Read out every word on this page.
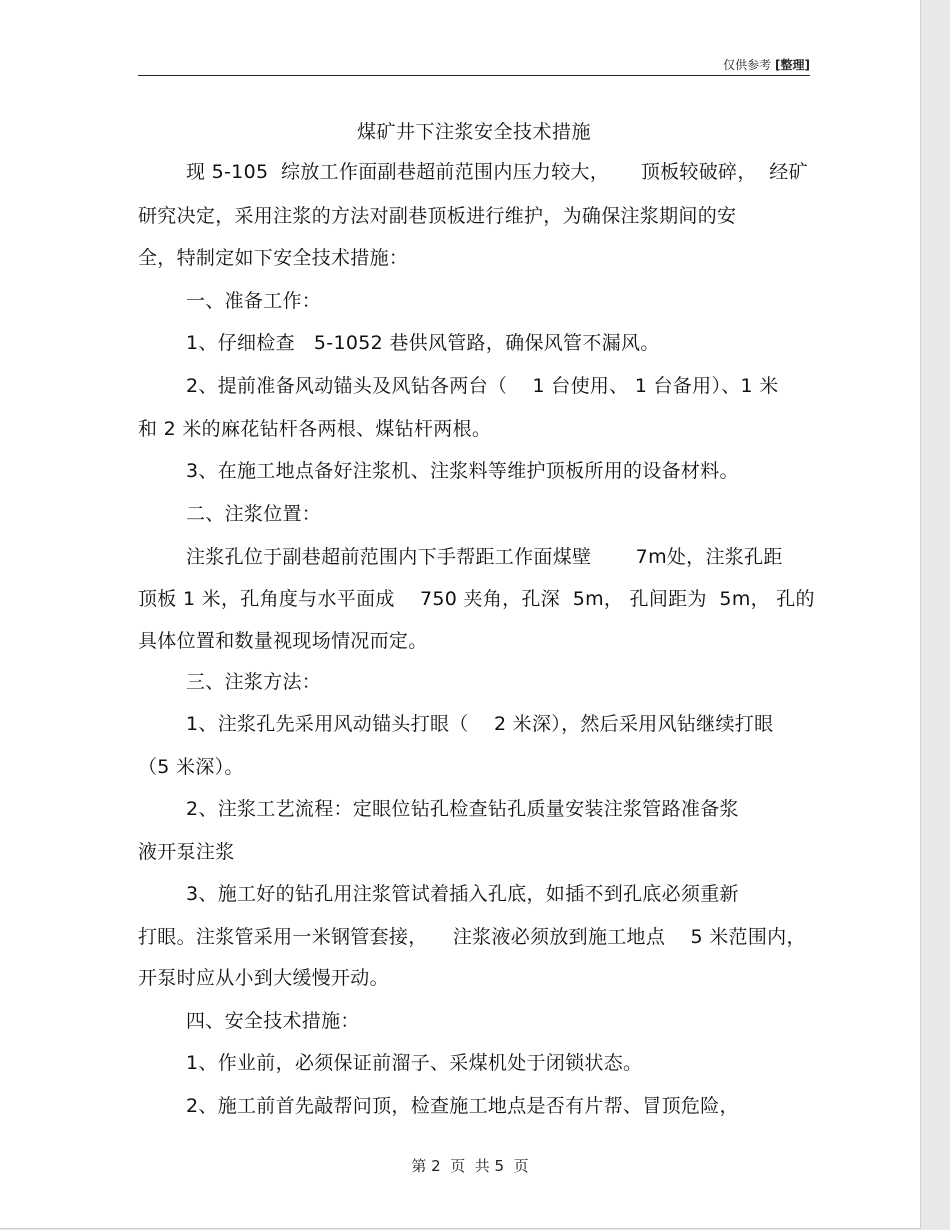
仅供参考 [整理]
煤矿井下注浆安全技术措施
现 5-105  综放工作面副巷超前范围内压力较大，     顶板较破碎，  经矿
研究决定，采用注浆的方法对副巷顶板进行维护，为确保注浆期间的安
全，特制定如下安全技术措施：
一、准备工作：
1、仔细检查   5-1052 巷供风管路，确保风管不漏风。
2、提前准备风动锚头及风钻各两台（    1 台使用、 1 台备用）、1 米
和 2 米的麻花钻杆各两根、煤钻杆两根。
3、在施工地点备好注浆机、注浆料等维护顶板所用的设备材料。
二、注浆位置：
注浆孔位于副巷超前范围内下手帮距工作面煤壁       7m处，注浆孔距
顶板 1 米，孔角度与水平面成    750 夹角，孔深  5m， 孔间距为  5m， 孔的
具体位置和数量视现场情况而定。
三、注浆方法：
1、注浆孔先采用风动锚头打眼（    2 米深），然后采用风钻继续打眼
（5 米深）。
2、注浆工艺流程：定眼位钻孔检查钻孔质量安装注浆管路准备浆
液开泵注浆
3、施工好的钻孔用注浆管试着插入孔底，如插不到孔底必须重新
打眼。注浆管采用一米钢管套接，    注浆液必须放到施工地点    5 米范围内，
开泵时应从小到大缓慢开动。
四、安全技术措施：
1、作业前，必须保证前溜子、采煤机处于闭锁状态。
2、施工前首先敲帮问顶，检查施工地点是否有片帮、冒顶危险，
第 2  页  共 5  页
